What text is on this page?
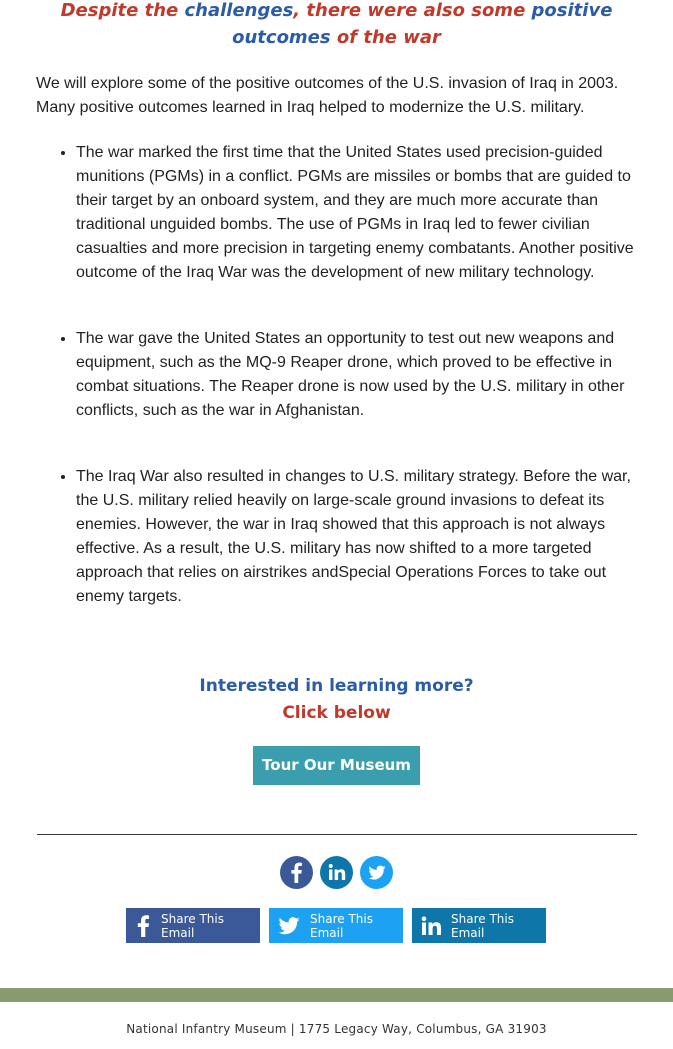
Despite the challenges, there were also some positive outcomes of the war

We will explore some of the positive outcomes of the U.S. invasion of Iraq in 2003. Many positive outcomes learned in Iraq helped to modernize the U.S. military.

• The war marked the first time that the United States used precision-guided munitions (PGMs) in a conflict. PGMs are missiles or bombs that are guided to their target by an onboard system, and they are much more accurate than traditional unguided bombs. The use of PGMs in Iraq led to fewer civilian casualties and more precision in targeting enemy combatants. Another positive outcome of the Iraq War was the development of new military technology.
• The war gave the United States an opportunity to test out new weapons and equipment, such as the MQ-9 Reaper drone, which proved to be effective in combat situations. The Reaper drone is now used by the U.S. military in other conflicts, such as the war in Afghanistan.
• The Iraq War also resulted in changes to U.S. military strategy. Before the war, the U.S. military relied heavily on large-scale ground invasions to defeat its enemies. However, the war in Iraq showed that this approach is not always effective. As a result, the U.S. military has now shifted to a more targeted approach that relies on airstrikes andSpecial Operations Forces to take out enemy targets.
Interested in learning more?
Click below
Tour Our Museum
Share This Email
Share This Email
Share This Email
National Infantry Museum | 1775 Legacy Way, Columbus, GA 31903
